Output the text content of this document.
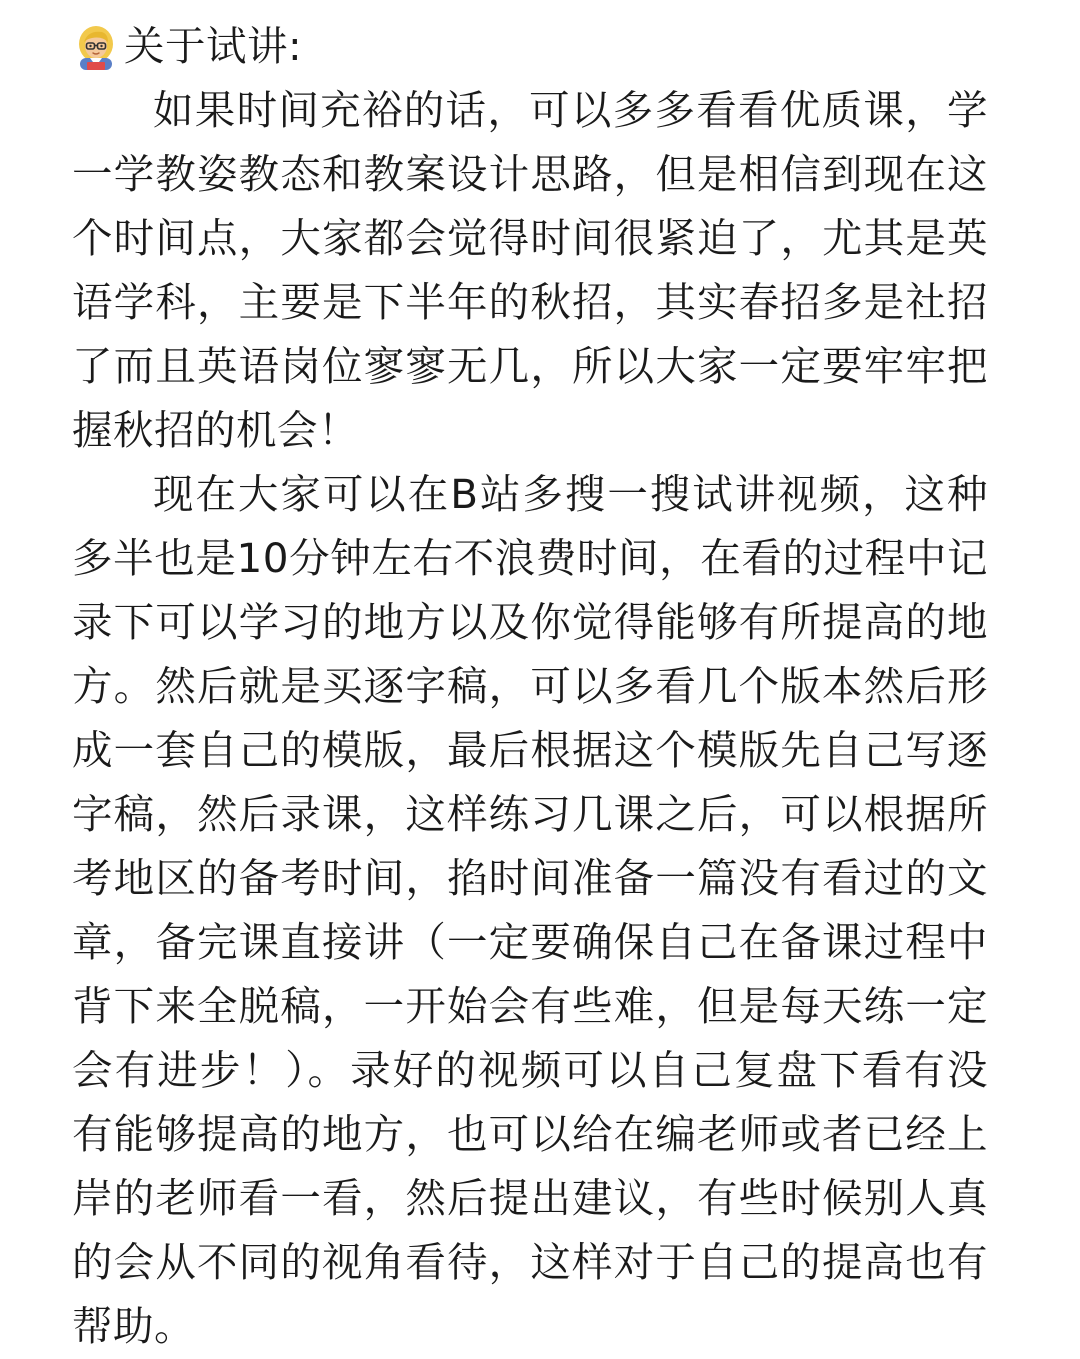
关于试讲:

如果时间充裕的话，可以多多看看优质课，学一学教姿教态和教案设计思路，但是相信到现在这个时间点，大家都会觉得时间很紧迫了，尤其是英语学科，主要是下半年的秋招，其实春招多是社招了而且英语岗位寥寥无几，所以大家一定要牢牢把握秋招的机会！

现在大家可以在B站多搜一搜试讲视频，这种多半也是10分钟左右不浪费时间，在看的过程中记录下可以学习的地方以及你觉得能够有所提高的地方。然后就是买逐字稿，可以多看几个版本然后形成一套自己的模版，最后根据这个模版先自己写逐字稿，然后录课，这样练习几课之后，可以根据所考地区的备考时间，掐时间准备一篇没有看过的文章，备完课直接讲（一定要确保自己在备课过程中背下来全脱稿，一开始会有些难，但是每天练一定会有进步！）。录好的视频可以自己复盘下看有没有能够提高的地方，也可以给在编老师或者已经上岸的老师看一看，然后提出建议，有些时候别人真的会从不同的视角看待，这样对于自己的提高也有帮助。
